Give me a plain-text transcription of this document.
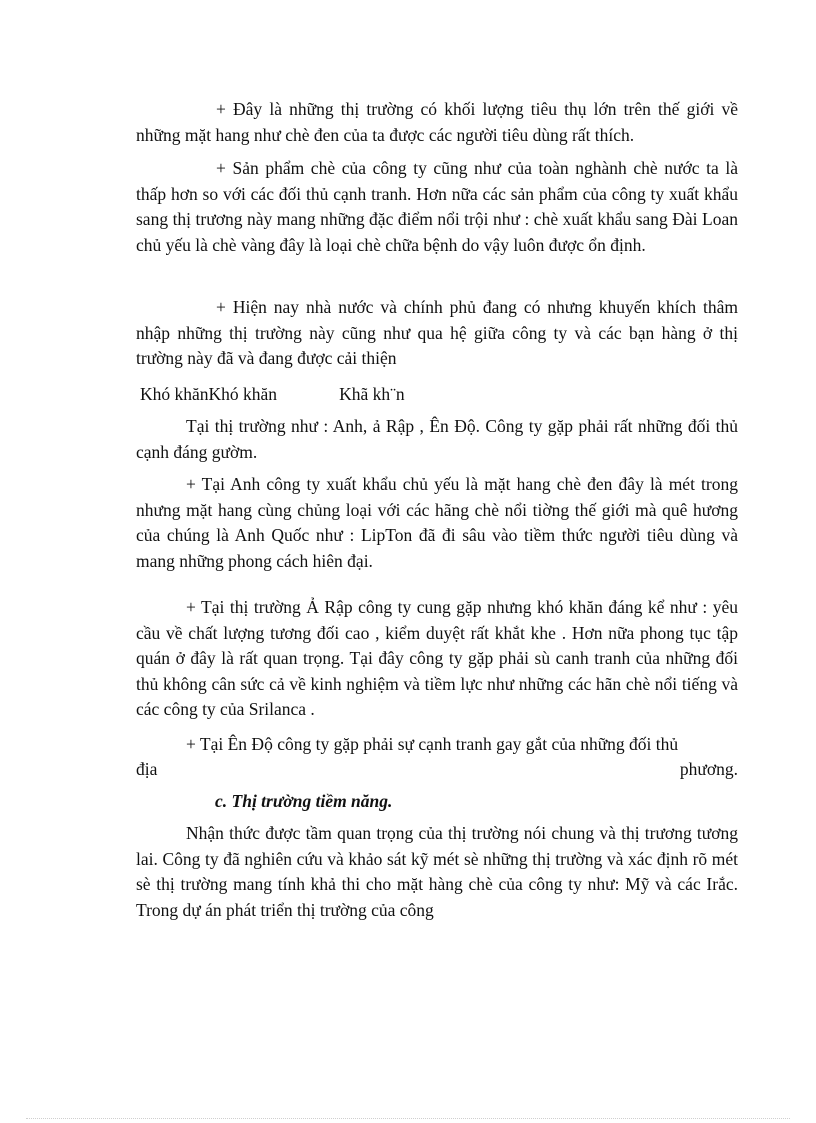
+ Đây là những thị trường có khối lượng tiêu thụ lớn trên thế giới về những mặt hang như chè đen của ta được các người tiêu dùng rất thích.

+ Sản phẩm chè của công ty cũng như của toàn nghành chè nước ta là thấp hơn so với các đối thủ cạnh tranh. Hơn nữa các sản phẩm của công ty xuất khẩu sang thị trương này mang những đặc điểm nổi trội như : chè xuất khẩu sang Đài Loan chủ yếu là chè vàng đây là loại chè chữa bệnh do vậy luôn được ổn định.

+ Hiện nay nhà nước và chính phủ đang có nhưng khuyến khích thâm nhập những thị trường này cũng như qua hệ giữa công ty và các bạn hàng ở thị trường này đã và đang được cải thiện

Khó khănKhó khăn	Khã kh¨n

Tại thị trường như : Anh, ả Rập , Ên Độ. Công ty gặp phải rất những đối thủ cạnh đáng gườm.

+ Tại Anh công ty xuất khẩu chủ yếu là mặt hang chè đen đây là mét trong nhưng mặt hang cùng chủng loại với các hãng chè nổi tiờng thế giới mà quê hương của chúng là Anh Quốc như : LipTon đã đi sâu vào tiềm thức người tiêu dùng và mang những phong cách hiên đại.

+ Tại thị trường Ả Rập công ty cung gặp nhưng khó khăn đáng kể như : yêu cầu về chất lượng tương đối cao , kiểm duyệt rất khắt khe . Hơn nữa phong tục tập quán ở đây là rất quan trọng. Tại đây công ty gặp phải sù canh tranh của những đối thủ không cân sức cả về kinh nghiệm và tiềm lực như những các hãn chè nổi tiếng và các công ty của Srilanca .

+ Tại Ên Độ công ty gặp phải sự cạnh tranh gay gắt của những đối thủ

địa	phương.
c. Thị trường tiềm năng.

Nhận thức được tầm quan trọng của thị trường nói chung và thị trương tương lai. Công ty đã nghiên cứu và khảo sát kỹ mét sè những thị trường và xác định rõ mét sè thị trường mang tính khả thi cho mặt hàng chè của công ty như: Mỹ và các Irắc. Trong dự án phát triển thị trường của công
